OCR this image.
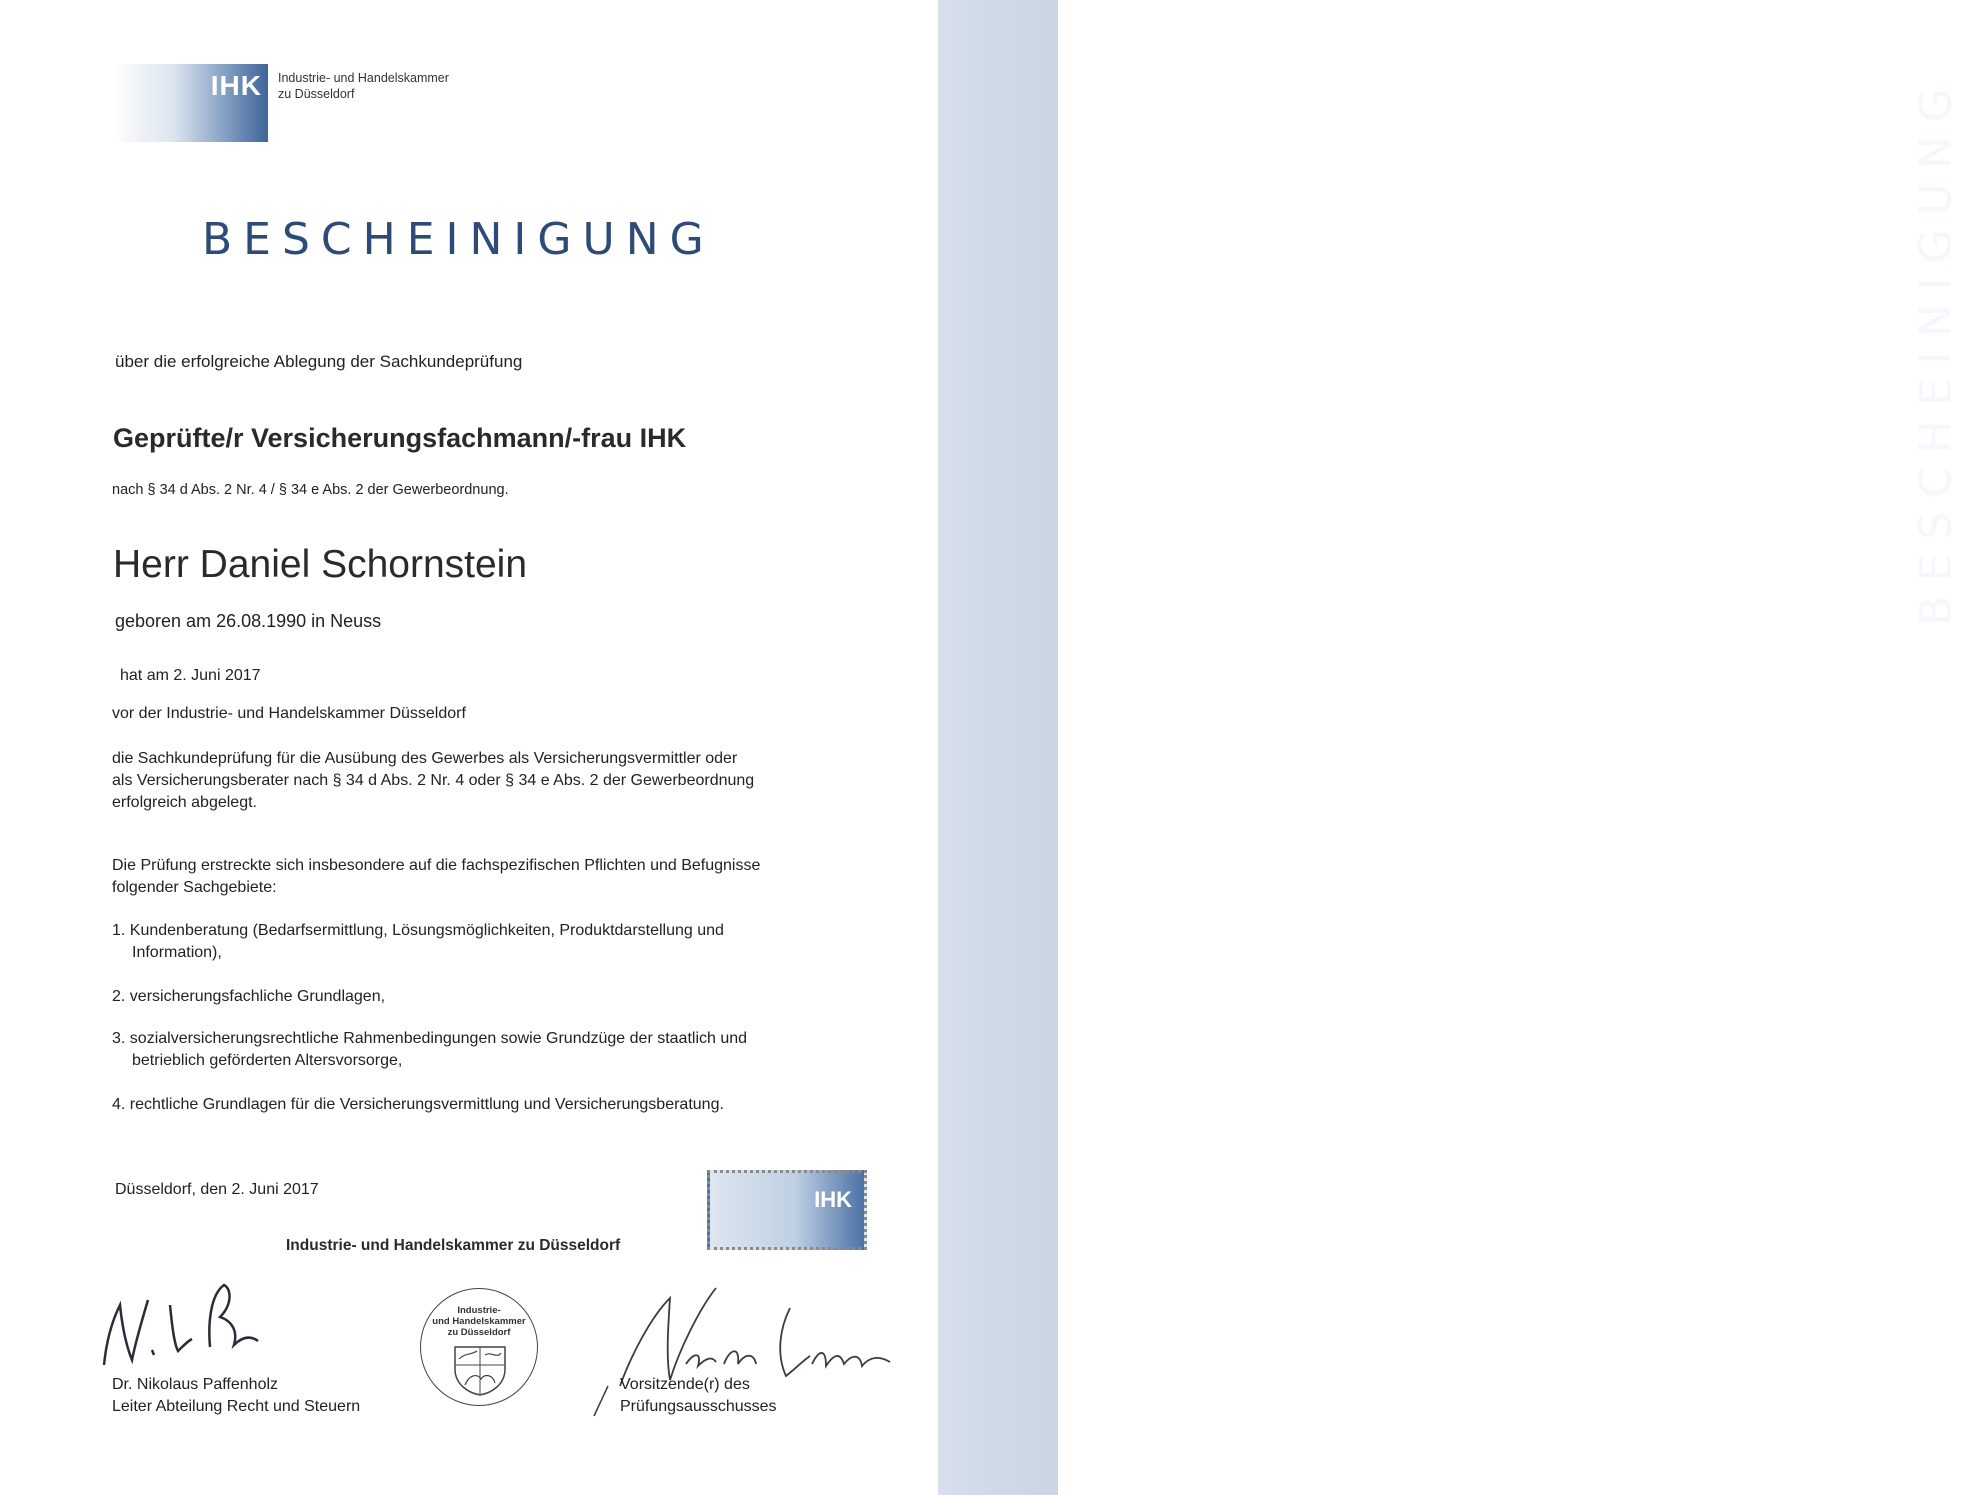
BESCHEINIGUNG
IHK Industrie- und Handelskammer
zu Düsseldorf
BESCHEINIGUNG
über die erfolgreiche Ablegung der Sachkundeprüfung
Geprüfte/r Versicherungsfachmann/-frau IHK
nach § 34 d Abs. 2 Nr. 4 / § 34 e Abs. 2 der Gewerbeordnung.
Herr Daniel Schornstein
geboren am 26.08.1990 in Neuss
hat am 2. Juni 2017
vor der Industrie- und Handelskammer Düsseldorf
die Sachkundeprüfung für die Ausübung des Gewerbes als Versicherungsvermittler oder
als Versicherungsberater nach § 34 d Abs. 2 Nr. 4 oder § 34 e Abs. 2 der Gewerbeordnung
erfolgreich abgelegt.
Die Prüfung erstreckte sich insbesondere auf die fachspezifischen Pflichten und Befugnisse
folgender Sachgebiete:
1. Kundenberatung (Bedarfsermittlung, Lösungsmöglichkeiten, Produktdarstellung und
Information),
2. versicherungsfachliche Grundlagen,
3. sozialversicherungsrechtliche Rahmenbedingungen sowie Grundzüge der staatlich und
betrieblich geförderten Altersvorsorge,
4. rechtliche Grundlagen für die Versicherungsvermittlung und Versicherungsberatung.
Düsseldorf, den 2. Juni 2017	IHK
Industrie- und Handelskammer zu Düsseldorf
Industrie-
und Handelskammer
zu Düsseldorf
Dr. Nikolaus Paffenholz
Leiter Abteilung Recht und Steuern
Vorsitzende(r) des
Prüfungsausschusses
